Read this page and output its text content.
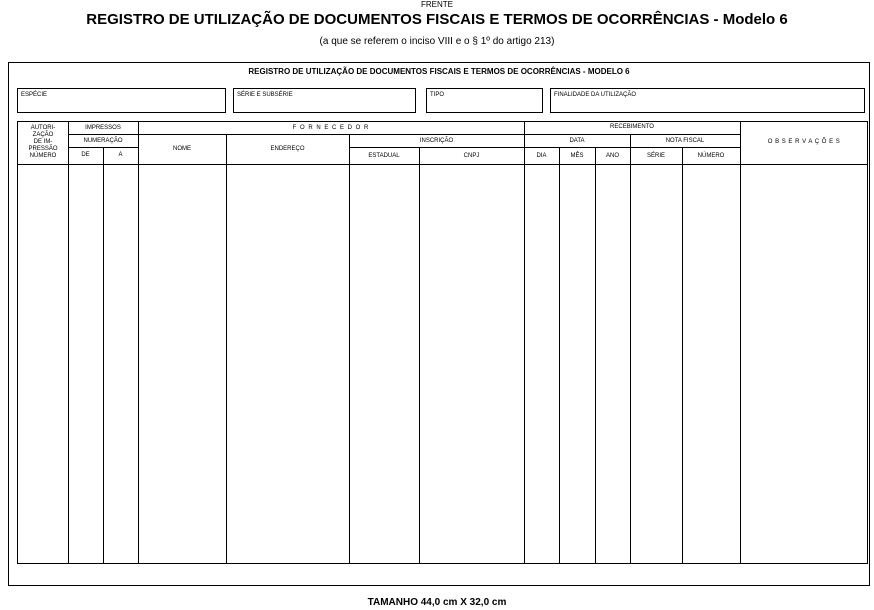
FRENTE
REGISTRO DE UTILIZAÇÃO DE DOCUMENTOS FISCAIS E TERMOS DE OCORRÊNCIAS - Modelo 6
(a que se referem o inciso VIII e o § 1º do artigo 213)
REGISTRO DE UTILIZAÇÃO DE DOCUMENTOS FISCAIS E TERMOS DE OCORRÊNCIAS - MODELO 6
ESPÉCIE	SÉRIE E SUBSÉRIE	TIPO	FINALIDADE DA UTILIZAÇÃO
AUTORI-
ZAÇÃO
DE IM-
PRESSÃO
NÚMERO
IMPRESSOS
NUMERAÇÃO
DE	A
F O R N E C E D O R
NOME	ENDEREÇO
INSCRIÇÃO
ESTADUAL	CNPJ
RECEBIMENTO
DATA
DIA	MÊS	ANO
NOTA FISCAL
SÉRIE	NÚMERO
O B S E R V A Ç Õ E S
TAMANHO 44,0 cm X 32,0 cm
